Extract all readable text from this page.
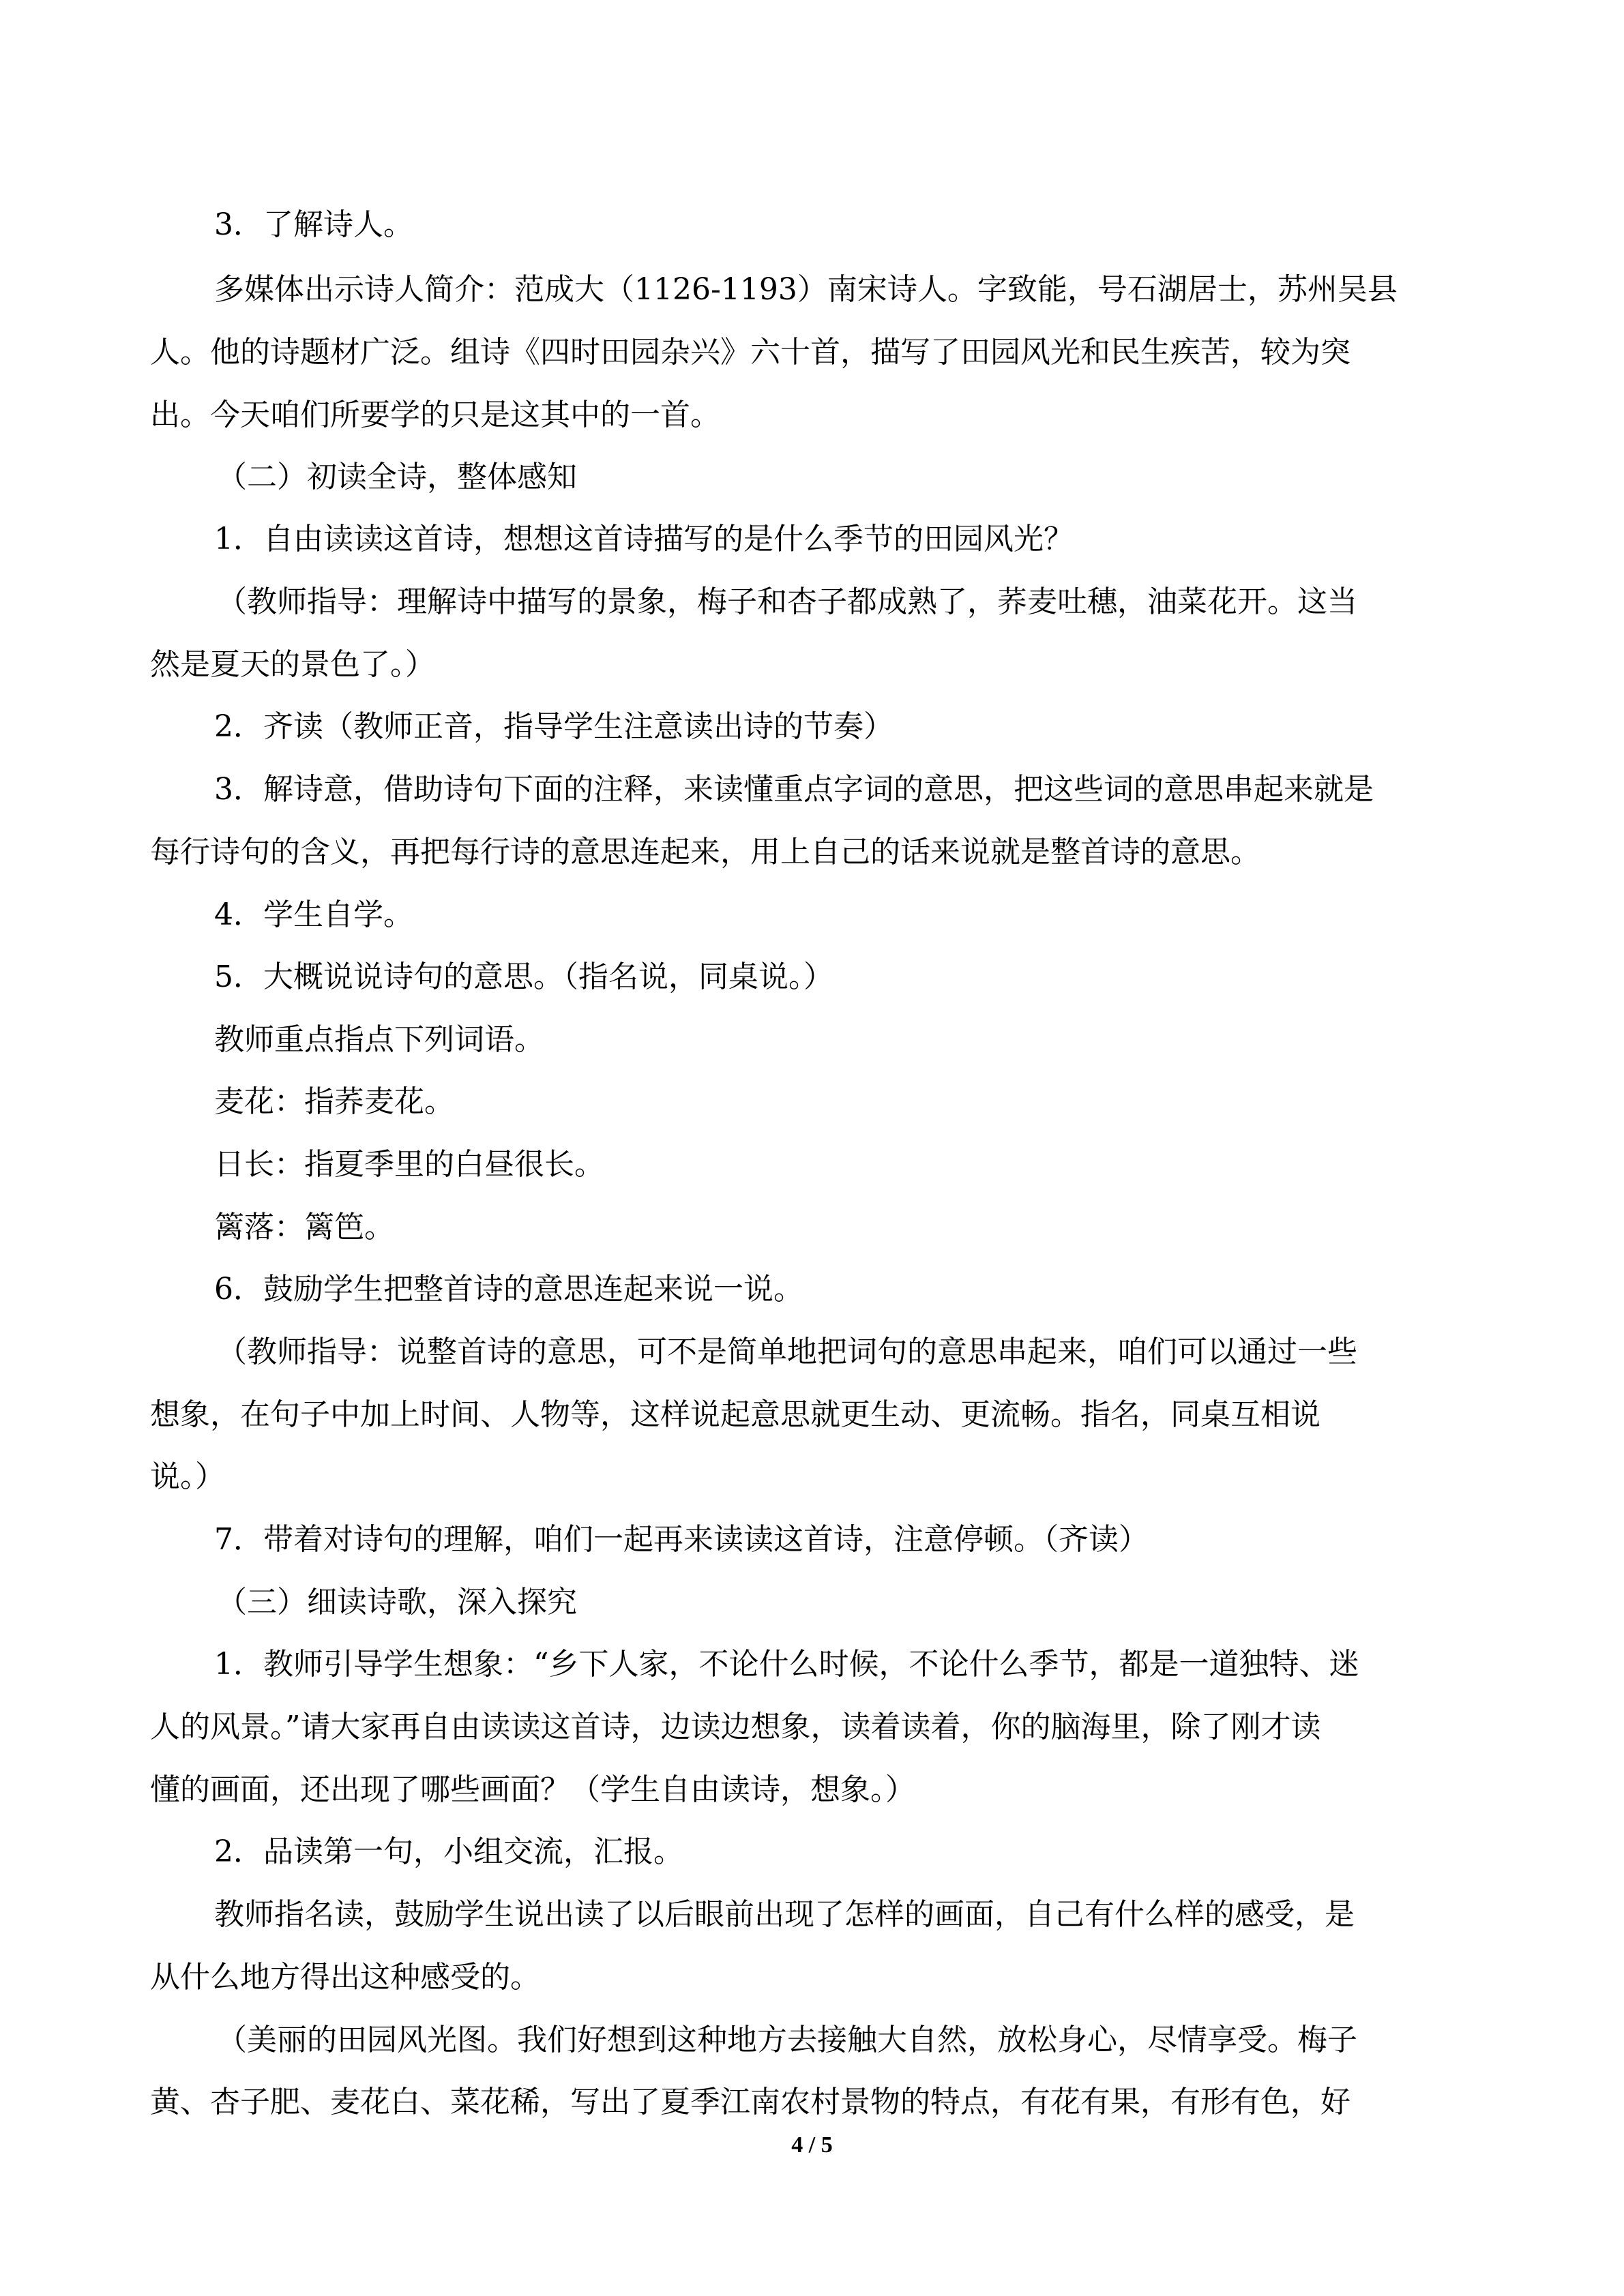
3．了解诗人。
多媒体出示诗人简介：范成大（1126-1193）南宋诗人。字致能，号石湖居士，苏州吴县
人。他的诗题材广泛。组诗《四时田园杂兴》六十首，描写了田园风光和民生疾苦，较为突
出。今天咱们所要学的只是这其中的一首。
（二）初读全诗，整体感知
1．自由读读这首诗，想想这首诗描写的是什么季节的田园风光？
（教师指导：理解诗中描写的景象，梅子和杏子都成熟了，荞麦吐穗，油菜花开。这当
然是夏天的景色了。）
2．齐读（教师正音，指导学生注意读出诗的节奏）
3．解诗意，借助诗句下面的注释，来读懂重点字词的意思，把这些词的意思串起来就是
每行诗句的含义，再把每行诗的意思连起来，用上自己的话来说就是整首诗的意思。
4．学生自学。
5．大概说说诗句的意思。（指名说，同桌说。）
教师重点指点下列词语。
麦花：指荞麦花。
日长：指夏季里的白昼很长。
篱落：篱笆。
6．鼓励学生把整首诗的意思连起来说一说。
（教师指导：说整首诗的意思，可不是简单地把词句的意思串起来，咱们可以通过一些
想象，在句子中加上时间、人物等，这样说起意思就更生动、更流畅。指名，同桌互相说
说。）
7．带着对诗句的理解，咱们一起再来读读这首诗，注意停顿。（齐读）
（三）细读诗歌，深入探究
1．教师引导学生想象：“乡下人家，不论什么时候，不论什么季节，都是一道独特、迷
人的风景。”请大家再自由读读这首诗，边读边想象，读着读着，你的脑海里，除了刚才读
懂的画面，还出现了哪些画面？（学生自由读诗，想象。）
2．品读第一句，小组交流，汇报。
教师指名读，鼓励学生说出读了以后眼前出现了怎样的画面，自己有什么样的感受，是
从什么地方得出这种感受的。
（美丽的田园风光图。我们好想到这种地方去接触大自然，放松身心，尽情享受。梅子
黄、杏子肥、麦花白、菜花稀，写出了夏季江南农村景物的特点，有花有果，有形有色，好
4 / 5
